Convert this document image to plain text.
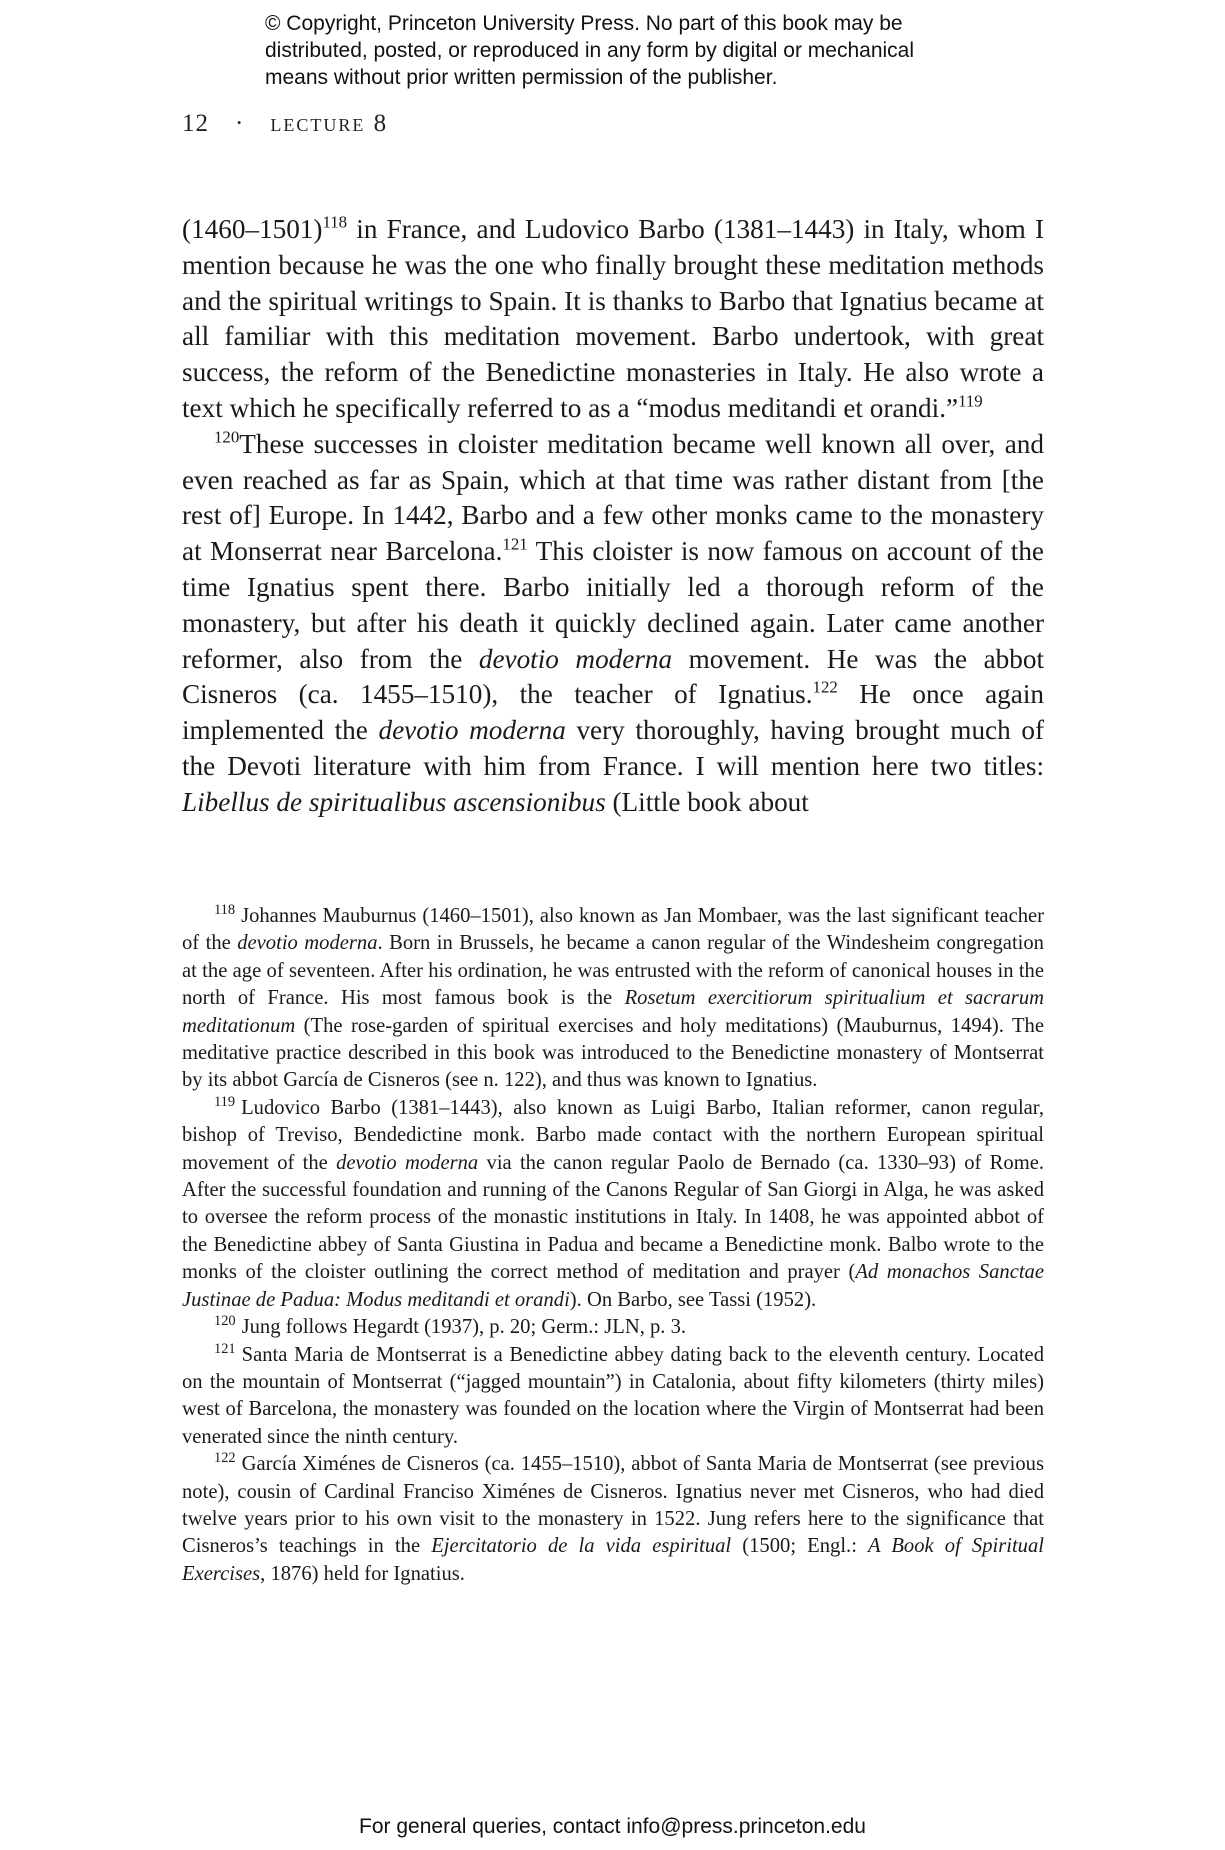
© Copyright, Princeton University Press. No part of this book may be
distributed, posted, or reproduced in any form by digital or mechanical
means without prior written permission of the publisher.
12 · lecture 8

(1460–1501)$^{118}$ in France, and Ludovico Barbo (1381–1443) in Italy, whom I mention because he was the one who finally brought these meditation methods and the spiritual writings to Spain. It is thanks to Barbo that Ignatius became at all familiar with this meditation movement. Barbo undertook, with great success, the reform of the Benedictine monasteries in Italy. He also wrote a text which he specifically referred to as a “modus meditandi et orandi.”$^{119}$

$^{120}$These successes in cloister meditation became well known all over, and even reached as far as Spain, which at that time was rather distant from [the rest of] Europe. In 1442, Barbo and a few other monks came to the monastery at Monserrat near Barcelona.$^{121}$ This cloister is now famous on account of the time Ignatius spent there. Barbo initially led a thorough reform of the monastery, but after his death it quickly declined again. Later came another reformer, also from the devotio moderna movement. He was the abbot Cisneros (ca. 1455–1510), the teacher of Ignatius.$^{122}$ He once again implemented the devotio moderna very thoroughly, having brought much of the Devoti literature with him from France. I will mention here two titles: Libellus de spiritualibus ascensionibus (Little book about

$^{118}$ Johannes Mauburnus (1460–1501), also known as Jan Mombaer, was the last significant teacher of the devotio moderna. Born in Brussels, he became a canon regular of the Windesheim congregation at the age of seventeen. After his ordination, he was entrusted with the reform of canonical houses in the north of France. His most famous book is the Rosetum exercitiorum spiritualium et sacrarum meditationum (The rose-garden of spiritual exercises and holy meditations) (Mauburnus, 1494). The meditative practice described in this book was introduced to the Benedictine monastery of Montserrat by its abbot García de Cisneros (see n. 122), and thus was known to Ignatius.

$^{119}$ Ludovico Barbo (1381–1443), also known as Luigi Barbo, Italian reformer, canon regular, bishop of Treviso, Bendedictine monk. Barbo made contact with the northern European spiritual movement of the devotio moderna via the canon regular Paolo de Bernado (ca. 1330–93) of Rome. After the successful foundation and running of the Canons Regular of San Giorgi in Alga, he was asked to oversee the reform process of the monastic institutions in Italy. In 1408, he was appointed abbot of the Benedictine abbey of Santa Giustina in Padua and became a Benedictine monk. Balbo wrote to the monks of the cloister outlining the correct method of meditation and prayer (Ad monachos Sanctae Justinae de Padua: Modus meditandi et orandi). On Barbo, see Tassi (1952).

$^{120}$ Jung follows Hegardt (1937), p. 20; Germ.: JLN, p. 3.

$^{121}$ Santa Maria de Montserrat is a Benedictine abbey dating back to the eleventh century. Located on the mountain of Montserrat (“jagged mountain”) in Catalonia, about fifty kilometers (thirty miles) west of Barcelona, the monastery was founded on the location where the Virgin of Montserrat had been venerated since the ninth century.

$^{122}$ García Ximénes de Cisneros (ca. 1455–1510), abbot of Santa Maria de Montserrat (see previous note), cousin of Cardinal Franciso Ximénes de Cisneros. Ignatius never met Cisneros, who had died twelve years prior to his own visit to the monastery in 1522. Jung refers here to the significance that Cisneros’s teachings in the Ejercitatorio de la vida espiritual (1500; Engl.: A Book of Spiritual Exercises, 1876) held for Ignatius.

For general queries, contact info@press.princeton.edu
